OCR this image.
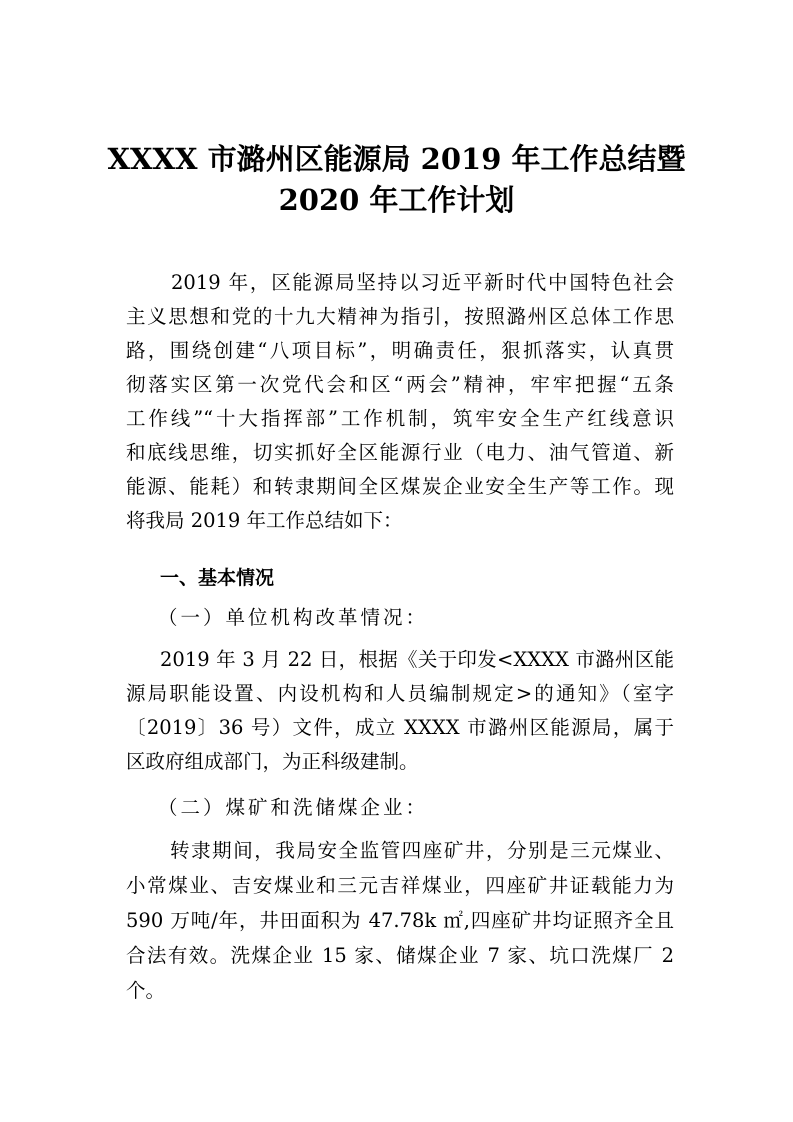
XXXX 市潞州区能源局 2019 年工作总结暨
2020 年工作计划
2019 年，区能源局坚持以习近平新时代中国特色社会
主义思想和党的十九大精神为指引，按照潞州区总体工作思
路，围绕创建“八项目标”，明确责任，狠抓落实，认真贯
彻落实区第一次党代会和区“两会”精神，牢牢把握“五条
工作线”“十大指挥部”工作机制，筑牢安全生产红线意识
和底线思维，切实抓好全区能源行业（电力、油气管道、新
能源、能耗）和转隶期间全区煤炭企业安全生产等工作。现
将我局 2019 年工作总结如下：
一、基本情况
（一）单位机构改革情况：
2019 年 3 月 22 日，根据《关于印发<XXXX 市潞州区能
源局职能设置、内设机构和人员编制规定>的通知》（室字
〔2019〕36 号）文件，成立 XXXX 市潞州区能源局，属于
区政府组成部门，为正科级建制。
（二）煤矿和洗储煤企业：
转隶期间，我局安全监管四座矿井，分别是三元煤业、
小常煤业、吉安煤业和三元吉祥煤业，四座矿井证载能力为
590 万吨/年，井田面积为 47.78k ㎡,四座矿井均证照齐全且
合法有效。洗煤企业 15 家、储煤企业 7 家、坑口洗煤厂 2
个。
